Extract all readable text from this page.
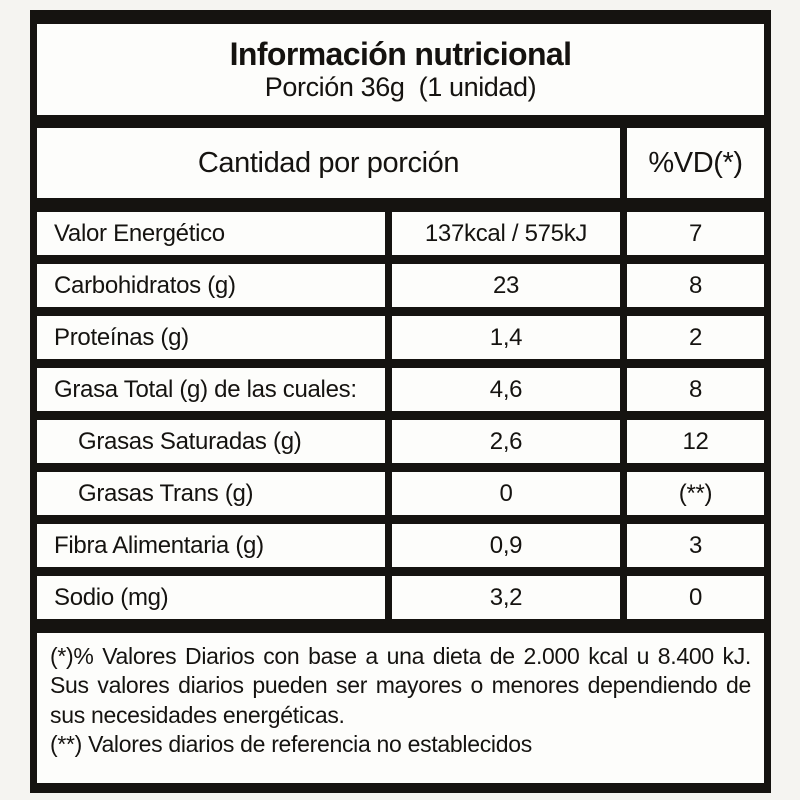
Información nutricional
Porción 36g  (1 unidad)
Cantidad por porción	%VD(*)
Valor Energético	137kcal / 575kJ	7
Carbohidratos (g)	23	8
Proteínas (g)	1,4	2
Grasa Total (g) de las cuales:	4,6	8
Grasas Saturadas (g)	2,6	12
Grasas Trans (g)	0	(**)
Fibra Alimentaria (g)	0,9	3
Sodio (mg)	3,2	0

(*)% Valores Diarios con base a una dieta de 2.000 kcal u 8.400 kJ. Sus valores diarios pueden ser mayores o menores dependiendo de sus necesidades energéticas.

(**) Valores diarios de referencia no establecidos
